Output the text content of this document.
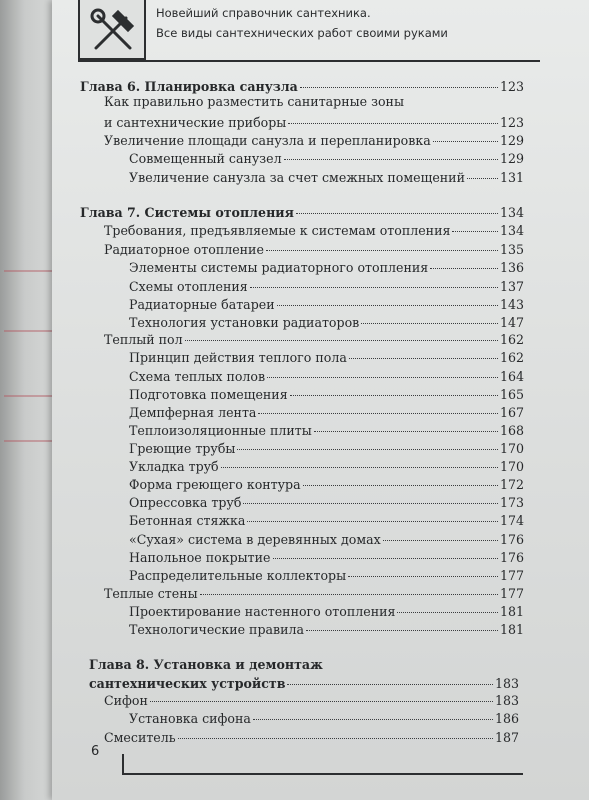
Новейший справочник сантехника.
Все виды сантехнических работ своими руками
Глава 6. Планировка санузла	123
Как правильно разместить санитарные зоны
и сантехнические приборы	123
Увеличение площади санузла и перепланировка	129
Совмещенный санузел	129
Увеличение санузла за счет смежных помещений	131
Глава 7. Системы отопления	134
Требования, предъявляемые к системам отопления	134
Радиаторное отопление	135
Элементы системы радиаторного отопления	136
Схемы отопления	137
Радиаторные батареи	143
Технология установки радиаторов	147
Теплый пол	162
Принцип действия теплого пола	162
Схема теплых полов	164
Подготовка помещения	165
Демпферная лента	167
Теплоизоляционные плиты	168
Греющие трубы	170
Укладка труб	170
Форма греющего контура	172
Опрессовка труб	173
Бетонная стяжка	174
«Сухая» система в деревянных домах	176
Напольное покрытие	176
Распределительные коллекторы	177
Теплые стены	177
Проектирование настенного отопления	181
Технологические правила	181
Глава 8. Установка и демонтаж
сантехнических устройств	183
Сифон	183
Установка сифона	186
Смеситель	187
6
